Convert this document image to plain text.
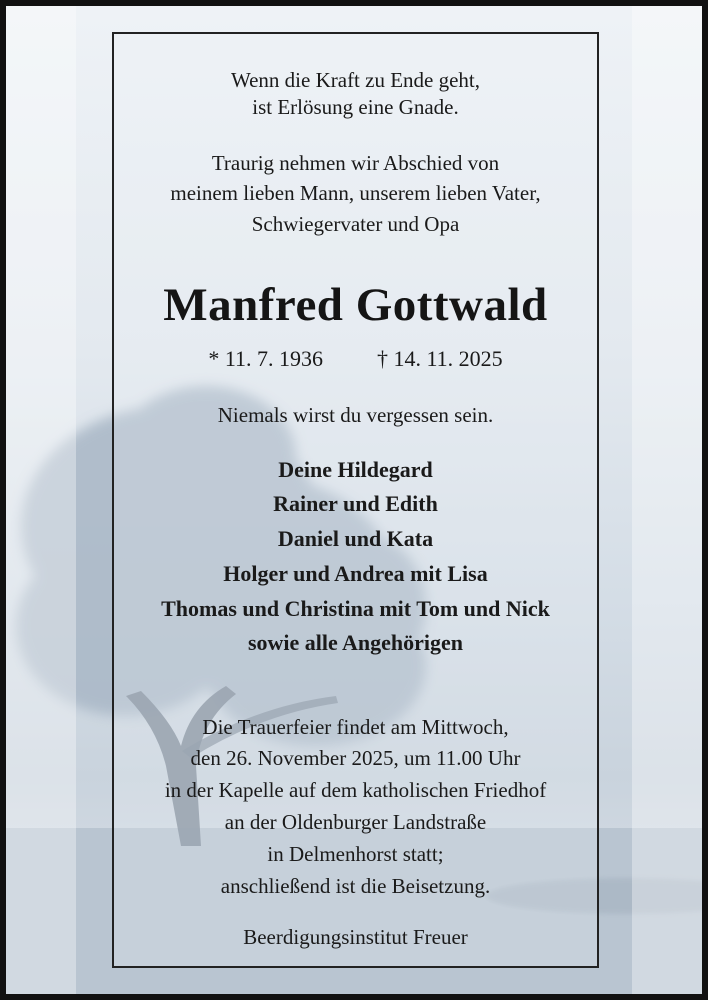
Wenn die Kraft zu Ende geht,
ist Erlösung eine Gnade.
Traurig nehmen wir Abschied von
meinem lieben Mann, unserem lieben Vater,
Schwiegervater und Opa
Manfred Gottwald
* 11. 7. 1936 † 14. 11. 2025
Niemals wirst du vergessen sein.
Deine Hildegard
Rainer und Edith
Daniel und Kata
Holger und Andrea mit Lisa
Thomas und Christina mit Tom und Nick
sowie alle Angehörigen
Die Trauerfeier findet am Mittwoch,
den 26. November 2025, um 11.00 Uhr
in der Kapelle auf dem katholischen Friedhof
an der Oldenburger Landstraße
in Delmenhorst statt;
anschließend ist die Beisetzung.
Beerdigungsinstitut Freuer
